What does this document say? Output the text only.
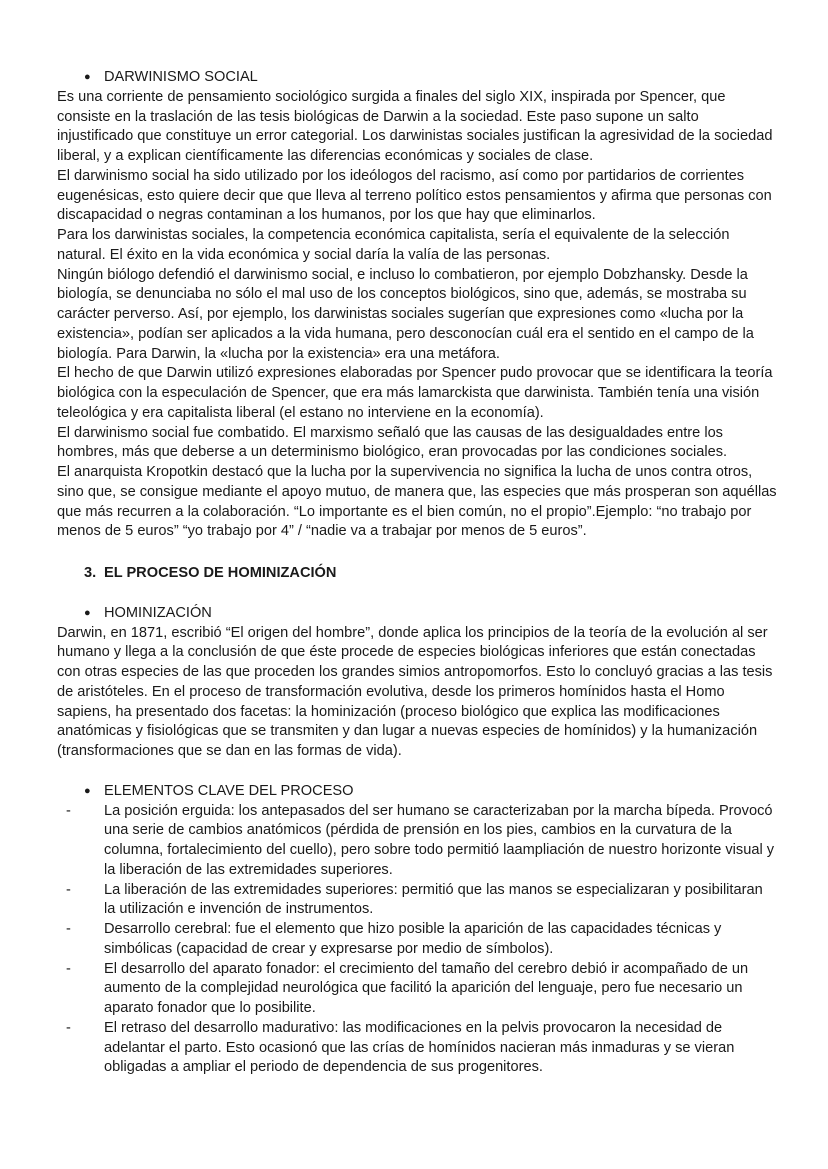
● DARWINISMO SOCIAL

Es una corriente de pensamiento sociológico surgida a finales del siglo XIX, inspirada por Spencer, que consiste en la traslación de las tesis biológicas de Darwin a la sociedad. Este paso supone un salto injustificado que constituye un error categorial. Los darwinistas sociales justifican la agresividad de la sociedad liberal, y a explican científicamente las diferencias económicas y sociales de clase.

El darwinismo social ha sido utilizado por los ideólogos del racismo, así como por partidarios de corrientes eugenésicas, esto quiere decir que que lleva al terreno político estos pensamientos y afirma que personas con discapacidad o negras contaminan a los humanos, por los que hay que eliminarlos.

Para los darwinistas sociales, la competencia económica capitalista, sería el equivalente de la selección natural. El éxito en la vida económica y social daría la valía de las personas.

Ningún biólogo defendió el darwinismo social, e incluso lo combatieron, por ejemplo Dobzhansky. Desde la biología, se denunciaba no sólo el mal uso de los conceptos biológicos, sino que, además, se mostraba su carácter perverso. Así, por ejemplo, los darwinistas sociales sugerían que expresiones como «lucha por la existencia», podían ser aplicados a la vida humana, pero desconocían cuál era el sentido en el campo de la biología. Para Darwin, la «lucha por la existencia» era una metáfora.

El hecho de que Darwin utilizó expresiones elaboradas por Spencer pudo provocar que se identificara la teoría biológica con la especulación de Spencer, que era más lamarckista que darwinista. También tenía una visión teleológica y era capitalista liberal (el estano no interviene en la economía).

El darwinismo social fue combatido. El marxismo señaló que las causas de las desigualdades entre los hombres, más que deberse a un determinismo biológico, eran provocadas por las condiciones sociales.

El anarquista Kropotkin destacó que la lucha por la supervivencia no significa la lucha de unos contra otros, sino que, se consigue mediante el apoyo mutuo, de manera que, las especies que más prosperan son aquéllas que más recurren a la colaboración. “Lo importante es el bien común, no el propio”.Ejemplo: “no trabajo por menos de 5 euros” “yo trabajo por 4” / “nadie va a trabajar por menos de 5 euros”.

3. EL PROCESO DE HOMINIZACIÓN
● HOMINIZACIÓN

Darwin, en 1871, escribió “El origen del hombre”, donde aplica los principios de la teoría de la evolución al ser humano y llega a la conclusión de que éste procede de especies biológicas inferiores que están conectadas con otras especies de las que proceden los grandes simios antropomorfos. Esto lo concluyó gracias a las tesis de aristóteles. En el proceso de transformación evolutiva, desde los primeros homínidos hasta el Homo sapiens, ha presentado dos facetas: la hominización (proceso biológico que explica las modificaciones anatómicas y fisiológicas que se transmiten y dan lugar a nuevas especies de homínidos) y la humanización (transformaciones que se dan en las formas de vida).

● ELEMENTOS CLAVE DEL PROCESO
- La posición erguida: los antepasados del ser humano se caracterizaban por la marcha bípeda. Provocó una serie de cambios anatómicos (pérdida de prensión en los pies, cambios en la curvatura de la columna, fortalecimiento del cuello), pero sobre todo permitió laampliación de nuestro horizonte visual y la liberación de las extremidades superiores.
- La liberación de las extremidades superiores: permitió que las manos se especializaran y posibilitaran la utilización e invención de instrumentos.
- Desarrollo cerebral: fue el elemento que hizo posible la aparición de las capacidades técnicas y simbólicas (capacidad de crear y expresarse por medio de símbolos).
- El desarrollo del aparato fonador: el crecimiento del tamaño del cerebro debió ir acompañado de un aumento de la complejidad neurológica que facilitó la aparición del lenguaje, pero fue necesario un aparato fonador que lo posibilite.
- El retraso del desarrollo madurativo: las modificaciones en la pelvis provocaron la necesidad de adelantar el parto. Esto ocasionó que las crías de homínidos nacieran más inmaduras y se vieran obligadas a ampliar el periodo de dependencia de sus progenitores.
